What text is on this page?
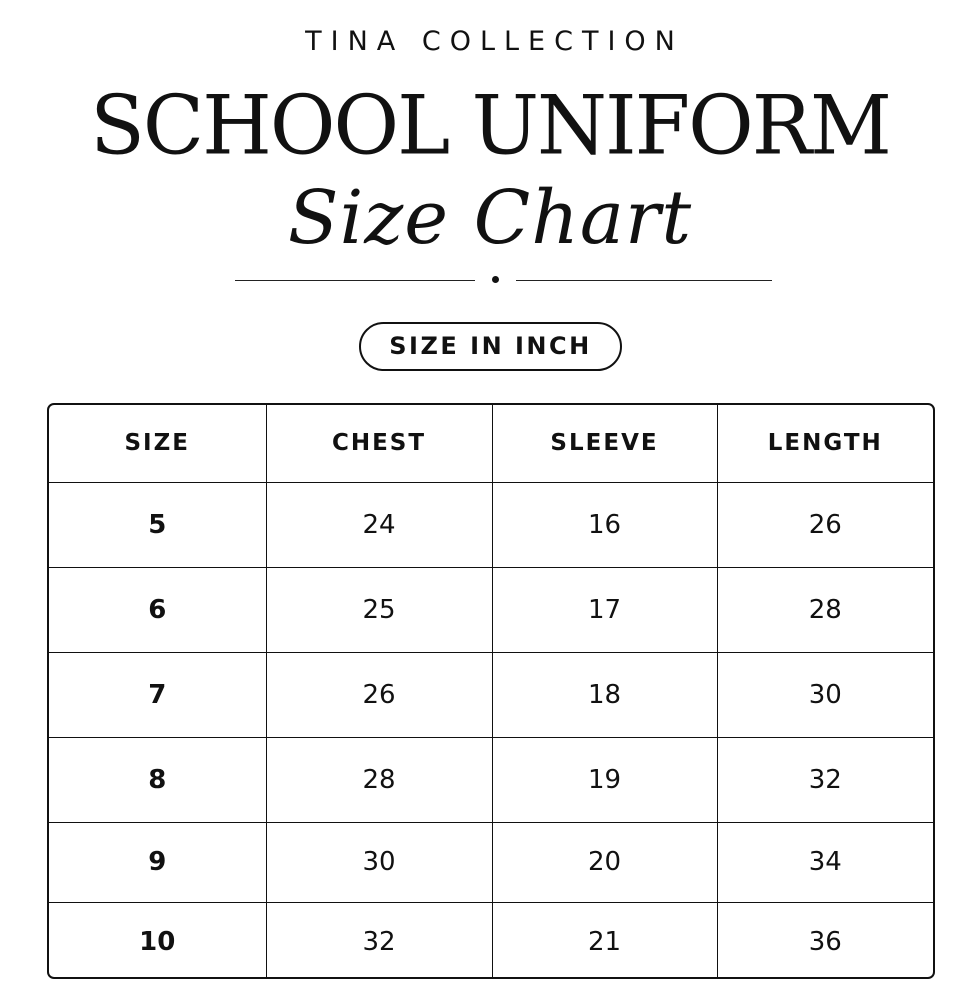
TINA COLLECTION
SCHOOL UNIFORM
Size Chart
SIZE IN INCH
SIZE	CHEST	SLEEVE	LENGTH
5	24	16	26
6	25	17	28
7	26	18	30
8	28	19	32
9	30	20	34
10	32	21	36
